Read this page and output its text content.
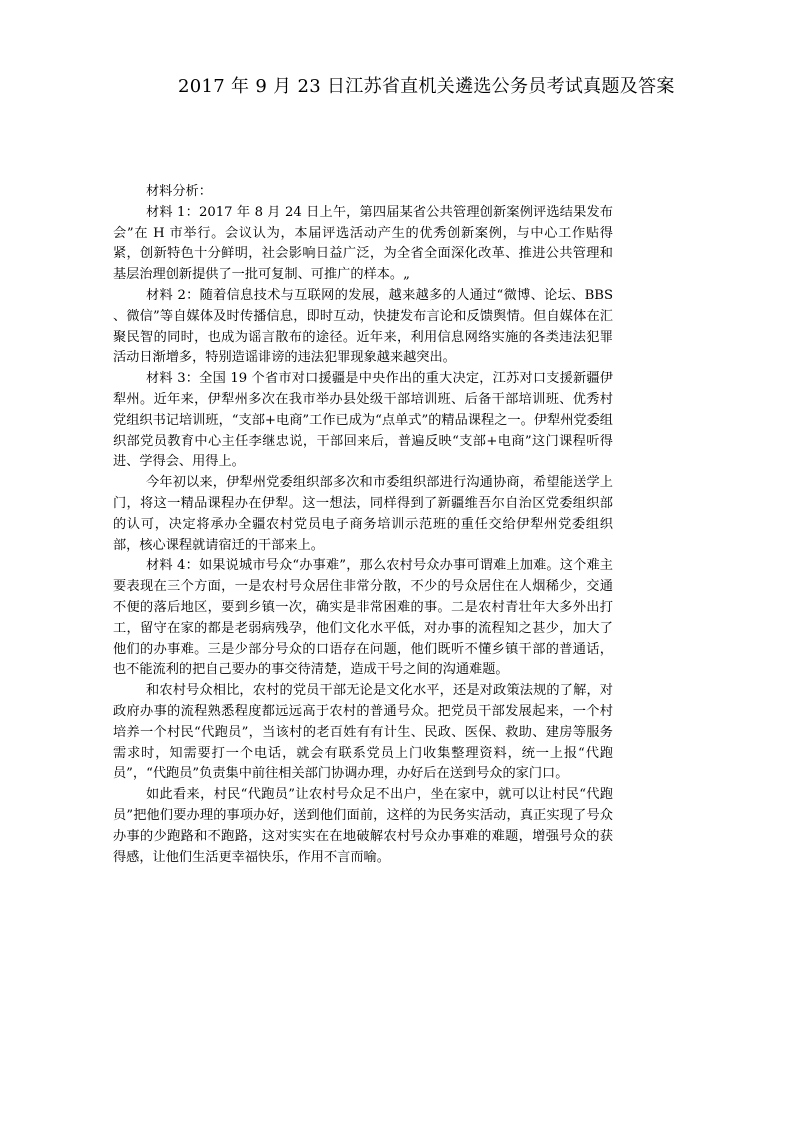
2017 年 9 月 23 日江苏省直机关遴选公务员考试真题及答案

材料分析：

材料 1：2017 年 8 月 24 日上午，第四届某省公共管理创新案例评选结果发布会”在 H 市举行。会议认为，本届评选活动产生的优秀创新案例，与中心工作贴得紧，创新特色十分鲜明，社会影响日益广泛，为全省全面深化改革、推进公共管理和基层治理创新提供了一批可复制、可推广的样本。„

材料 2：随着信息技术与互联网的发展，越来越多的人通过“微博、论坛、BBS 、微信”等自媒体及时传播信息，即时互动，快捷发布言论和反馈舆情。但自媒体在汇聚民智的同时，也成为谣言散布的途径。近年来，利用信息网络实施的各类违法犯罪活动日渐增多，特别造谣诽谤的违法犯罪现象越来越突出。

材料 3：全国 19 个省市对口援疆是中央作出的重大决定，江苏对口支援新疆伊犁州。近年来，伊犁州多次在我市举办县处级干部培训班、后备干部培训班、优秀村党组织书记培训班，“支部+电商”工作已成为“点单式”的精品课程之一。伊犁州党委组织部党员教育中心主任李继忠说，干部回来后，普遍反映“支部+电商”这门课程听得进、学得会、用得上。

今年初以来，伊犁州党委组织部多次和市委组织部进行沟通协商，希望能送学上门，将这一精品课程办在伊犁。这一想法，同样得到了新疆维吾尔自治区党委组织部的认可，决定将承办全疆农村党员电子商务培训示范班的重任交给伊犁州党委组织部，核心课程就请宿迁的干部来上。

材料 4：如果说城市号众“办事难”，那么农村号众办事可谓难上加难。这个难主要表现在三个方面，一是农村号众居住非常分散，不少的号众居住在人烟稀少，交通不便的落后地区，要到乡镇一次，确实是非常困难的事。二是农村青壮年大多外出打工，留守在家的都是老弱病残孕，他们文化水平低，对办事的流程知之甚少，加大了他们的办事难。三是少部分号众的口语存在问题，他们既听不懂乡镇干部的普通话，也不能流利的把自己要办的事交待清楚，造成干号之间的沟通难题。

和农村号众相比，农村的党员干部无论是文化水平，还是对政策法规的了解，对政府办事的流程熟悉程度都远远高于农村的普通号众。把党员干部发展起来，一个村培养一个村民“代跑员”，当该村的老百姓有有计生、民政、医保、救助、建房等服务需求时，知需要打一个电话，就会有联系党员上门收集整理资料，统一上报“代跑员”，“代跑员”负责集中前往相关部门协调办理，办好后在送到号众的家门口。

如此看来，村民“代跑员”让农村号众足不出户，坐在家中，就可以让村民“代跑员”把他们要办理的事项办好，送到他们面前，这样的为民务实活动，真正实现了号众办事的少跑路和不跑路，这对实实在在地破解农村号众办事难的难题，增强号众的获得感，让他们生活更幸福快乐，作用不言而喻。
